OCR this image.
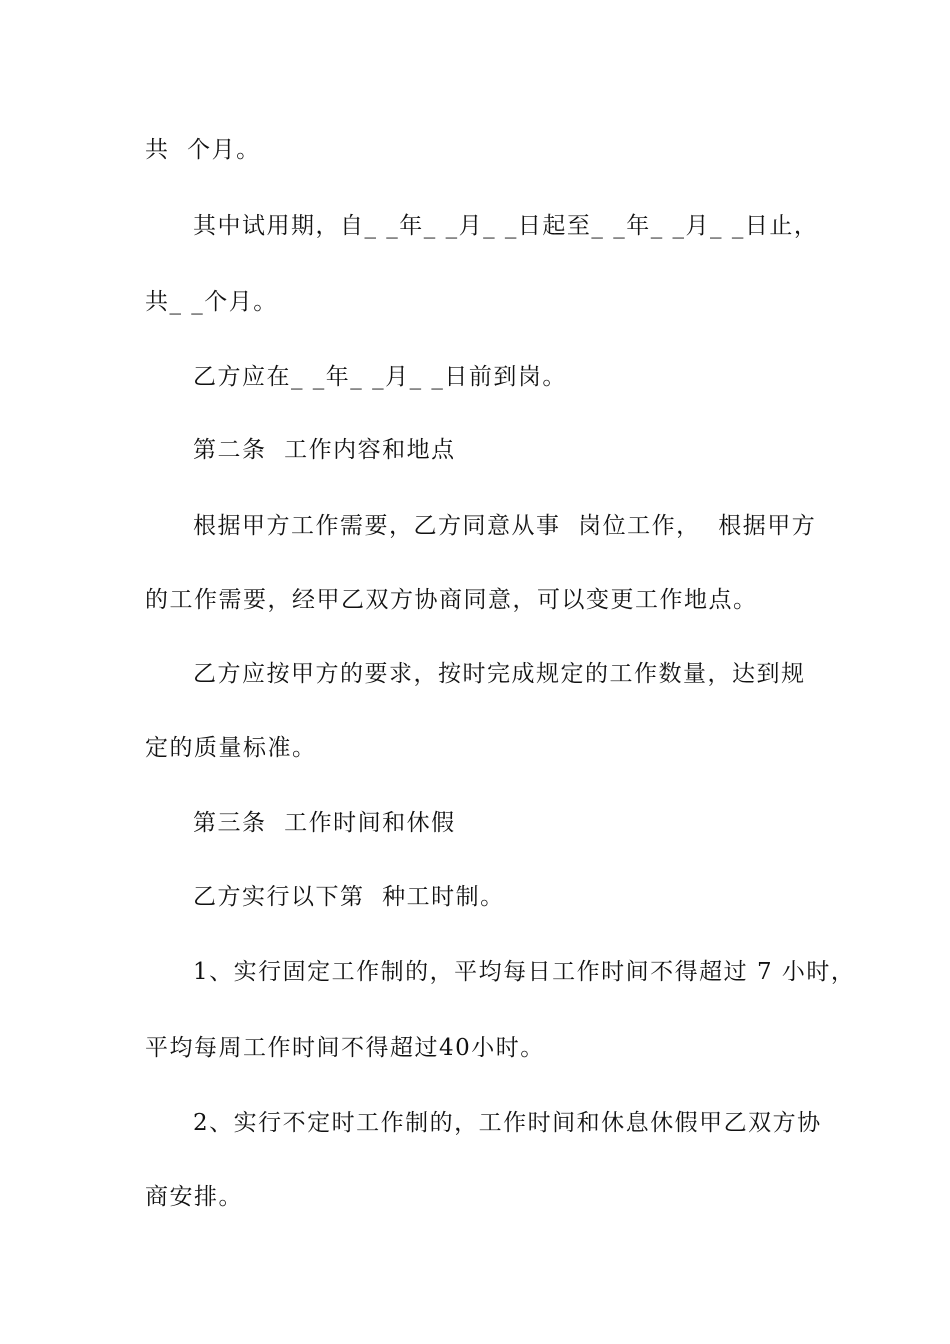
共  个月。

其中试用期，自_ _年_ _月_ _日起至_ _年_ _月_ _日止，

共_ _个月。

乙方应在_ _年_ _月_ _日前到岗。

第二条  工作内容和地点

根据甲方工作需要，乙方同意从事  岗位工作，  根据甲方

的工作需要，经甲乙双方协商同意，可以变更工作地点。

乙方应按甲方的要求，按时完成规定的工作数量，达到规

定的质量标准。

第三条  工作时间和休假

乙方实行以下第  种工时制。

1、实行固定工作制的，平均每日工作时间不得超过 7 小时，

平均每周工作时间不得超过40小时。

2、实行不定时工作制的，工作时间和休息休假甲乙双方协

商安排。
